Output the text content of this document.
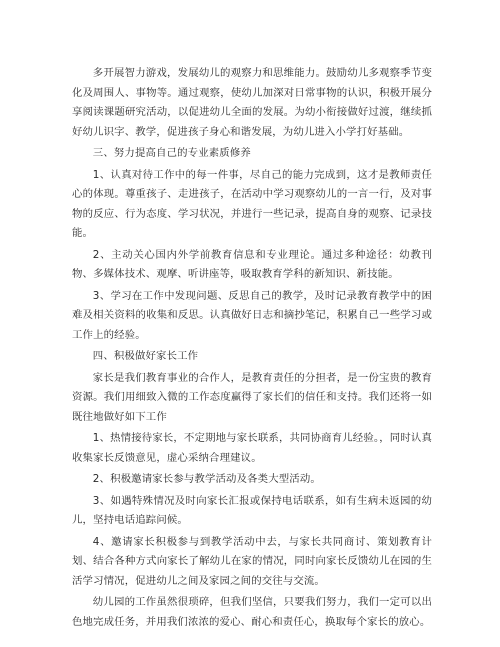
多开展智力游戏，发展幼儿的观察力和思维能力。鼓励幼儿多观察季节变化及周围人、事物等。通过观察，使幼儿加深对日常事物的认识，积极开展分享阅读课题研究活动，以促进幼儿全面的发展。为幼小衔接做好过渡，继续抓好幼儿识字、教学，促进孩子身心和谐发展，为幼儿进入小学打好基础。

三、努力提高自己的专业素质修养

1、认真对待工作中的每一件事，尽自己的能力完成到，这才是教师责任心的体现。尊重孩子、走进孩子，在活动中学习观察幼儿的一言一行，及对事物的反应、行为态度、学习状况，并进行一些记录，提高自身的观察、记录技能。

2、主动关心国内外学前教育信息和专业理论。通过多种途径：幼教刊物、多媒体技术、观摩、听讲座等，吸取教育学科的新知识、新技能。

3、学习在工作中发现问题、反思自己的教学，及时记录教育教学中的困难及相关资料的收集和反思。认真做好日志和摘抄笔记，积累自己一些学习或工作上的经验。

四、积极做好家长工作

家长是我们教育事业的合作人，是教育责任的分担者，是一份宝贵的教育资源。我们用细致入微的工作态度赢得了家长们的信任和支持。我们还将一如既往地做好如下工作

1、热情接待家长，不定期地与家长联系，共同协商育儿经验。，同时认真收集家长反馈意见，虚心采纳合理建议。

2、积极邀请家长参与教学活动及各类大型活动。

3、如遇特殊情况及时向家长汇报或保持电话联系，如有生病未返园的幼儿，坚持电话追踪问候。

4、邀请家长积极参与到教学活动中去，与家长共同商讨、策划教育计划、结合各种方式向家长了解幼儿在家的情况，同时向家长反馈幼儿在园的生活学习情况，促进幼儿之间及家园之间的交往与交流。

幼儿园的工作虽然很琐碎，但我们坚信，只要我们努力，我们一定可以出色地完成任务，并用我们浓浓的爱心、耐心和责任心，换取每个家长的放心。
